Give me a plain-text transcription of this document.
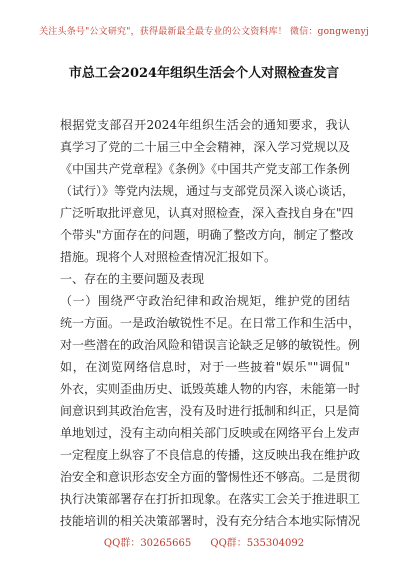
关注头条号"公文研究"，获得最新最全最专业的公文资料库！ 微信：gongwenyj
市总工会2024年组织生活会个人对照检查发言
根据党支部召开2024年组织生活会的通知要求，我认
真学习了党的二十届三中全会精神，深入学习党规以及
《中国共产党章程》《条例》《中国共产党支部工作条例
（试行）》等党内法规，通过与支部党员深入谈心谈话，
广泛听取批评意见，认真对照检查，深入查找自身在"四
个带头"方面存在的问题，明确了整改方向，制定了整改
措施。现将个人对照检查情况汇报如下。
一、存在的主要问题及表现
（一）围绕严守政治纪律和政治规矩，维护党的团结
统一方面。一是政治敏锐性不足。在日常工作和生活中，
对一些潜在的政治风险和错误言论缺乏足够的敏锐性。例
如，在浏览网络信息时，对于一些披着"娱乐""调侃"
外衣，实则歪曲历史、诋毁英雄人物的内容，未能第一时
间意识到其政治危害，没有及时进行抵制和纠正，只是简
单地划过，没有主动向相关部门反映或在网络平台上发声
一定程度上纵容了不良信息的传播，这反映出我在维护政
治安全和意识形态安全方面的警惕性还不够高。二是贯彻
执行决策部署存在打折扣现象。在落实工会关于推进职工
技能培训的相关决策部署时，没有充分结合本地实际情况
QQ群：30265665 QQ群：535304092
